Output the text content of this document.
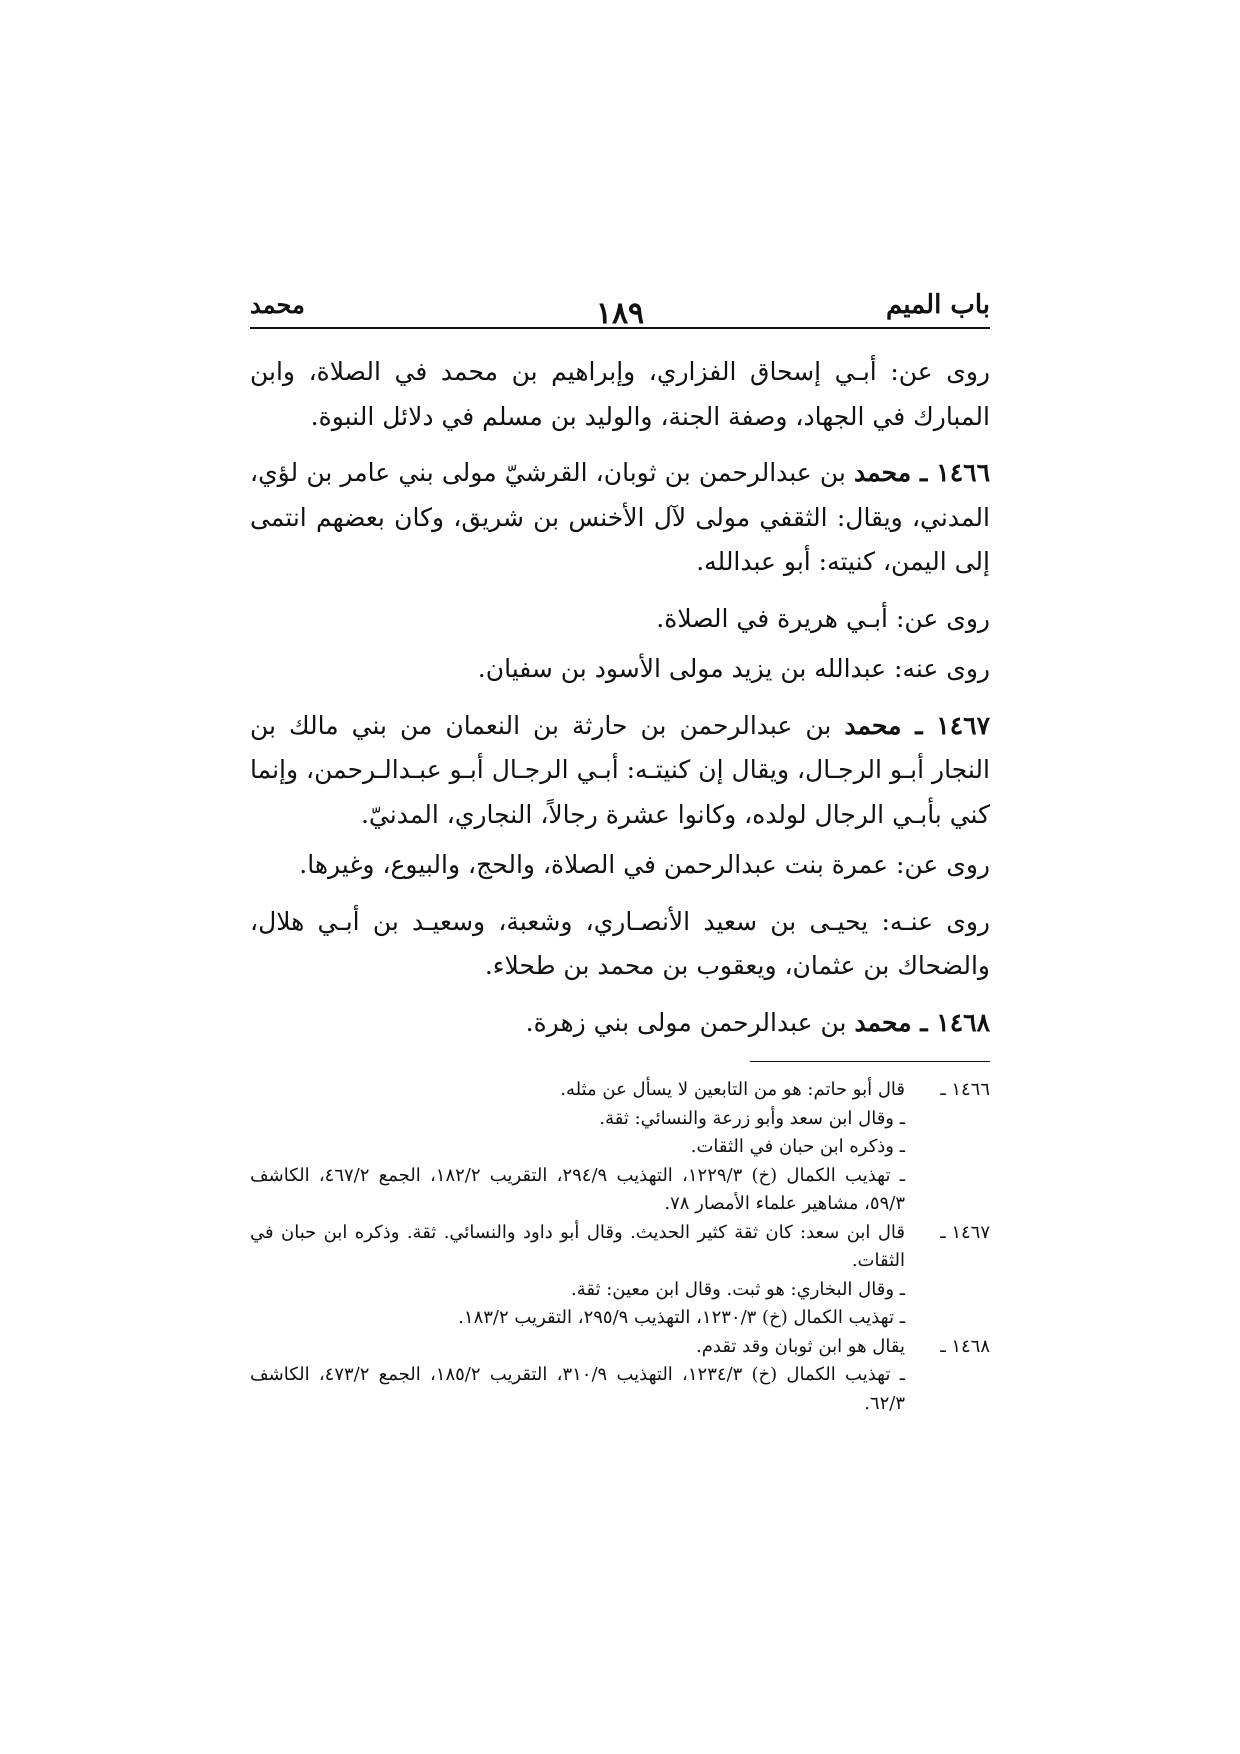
باب الميم
١٨٩
محمد

روى عن: أبـي إسحاق الفزاري، وإبراهيم بن محمد في الصلاة، وابن المبارك في الجهاد، وصفة الجنة، والوليد بن مسلم في دلائل النبوة.

١٤٦٦ ـ محمد بن عبدالرحمن بن ثوبان، القرشيّ مولى بني عامر بن لؤي، المدني، ويقال: الثقفي مولى لآل الأخنس بن شريق، وكان بعضهم انتمى إلى اليمن، كنيته: أبو عبدالله.

روى عن: أبـي هريرة في الصلاة.

روى عنه: عبدالله بن يزيد مولى الأسود بن سفيان.

١٤٦٧ ـ محمد بن عبدالرحمن بن حارثة بن النعمان من بني مالك بن النجار أبـو الرجـال، ويقال إن كنيتـه: أبـي الرجـال أبـو عبـدالـرحمن، وإنما كني بأبـي الرجال لولده، وكانوا عشرة رجالاً، النجاري، المدنيّ.

روى عن: عمرة بنت عبدالرحمن في الصلاة، والحج، والبيوع، وغيرها.

روى عنـه: يحيـى بن سعيد الأنصـاري، وشعبة، وسعيـد بن أبـي هلال، والضحاك بن عثمان، ويعقوب بن محمد بن طحلاء.

١٤٦٨ ـ محمد بن عبدالرحمن مولى بني زهرة.

١٤٦٦ ـ
قال أبو حاتم: هو من التابعين لا يسأل عن مثله.
ـ وقال ابن سعد وأبو زرعة والنسائي: ثقة.
ـ وذكره ابن حبان في الثقات.
ـ تهذيب الكمال (خ) ١٢٢٩/٣، التهذيب ٢٩٤/٩، التقريب ١٨٢/٢، الجمع ٤٦٧/٢، الكاشف ٥٩/٣، مشاهير علماء الأمصار ٧٨.
١٤٦٧ ـ
قال ابن سعد: كان ثقة كثير الحديث. وقال أبو داود والنسائي. ثقة. وذكره ابن حبان في الثقات.
ـ وقال البخاري: هو ثبت. وقال ابن معين: ثقة.
ـ تهذيب الكمال (خ) ١٢٣٠/٣، التهذيب ٢٩٥/٩، التقريب ١٨٣/٢.
١٤٦٨ ـ
يقال هو ابن ثوبان وقد تقدم.
ـ تهذيب الكمال (خ) ١٢٣٤/٣، التهذيب ٣١٠/٩، التقريب ١٨٥/٢، الجمع ٤٧٣/٢، الكاشف ٦٢/٣.
